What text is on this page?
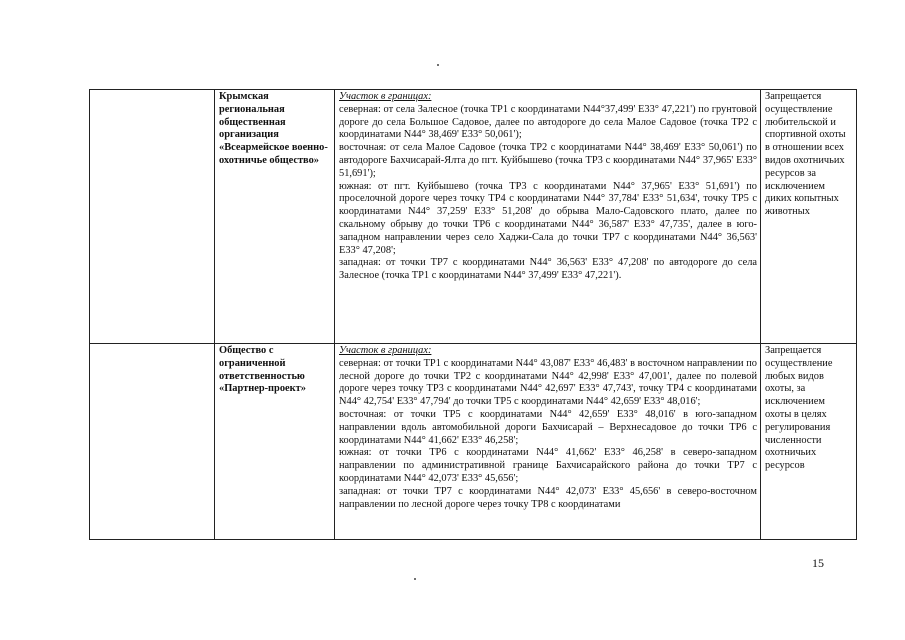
	Крымская региональная общественная организация «Всеармейское военно-охотничье общество»	Участок в границах:
северная: от села Залесное (точка ТР1 с координатами N44°37,499' Е33° 47,221') по грунтовой дороге до села Большое Садовое, далее по автодороге до села Малое Садовое (точка ТР2 с координатами N44° 38,469' Е33° 50,061');
восточная: от села Малое Садовое (точка ТР2 с координатами N44° 38,469' Е33° 50,061') по автодороге Бахчисарай-Ялта до пгт. Куйбышево (точка ТР3 с координатами N44° 37,965' Е33° 51,691');
южная: от пгт. Куйбышево (точка ТР3 с координатами N44° 37,965' Е33° 51,691') по проселочной дороге через точку ТР4 с координатами N44° 37,784' Е33° 51,634', точку ТР5 с координатами N44° 37,259' Е33° 51,208' до обрыва Мало-Садовского плато, далее по скальному обрыву до точки ТР6 с координатами N44° 36,587' Е33° 47,735', далее в юго-западном направлении через село Хаджи-Сала до точки ТР7 с координатами N44° 36,563' Е33° 47,208';
западная: от точки ТР7 с координатами N44° 36,563' Е33° 47,208' по автодороге до села Залесное (точка ТР1 с координатами N44° 37,499' Е33° 47,221').	Запрещается осуществление любительской и спортивной охоты в отношении всех видов охотничьих ресурсов за исключением диких копытных животных
	Общество с ограниченной ответственностью «Партнер-проект»	Участок в границах:
северная: от точки ТР1 с координатами N44° 43,087' Е33° 46,483' в восточном направлении по лесной дороге до точки ТР2 с координатами N44° 42,998' Е33° 47,001', далее по полевой дороге через точку ТР3 с координатами N44° 42,697' Е33° 47,743', точку ТР4 с координатами N44° 42,754' Е33° 47,794' до точки ТР5 с координатами N44° 42,659' Е33° 48,016';
восточная: от точки ТР5 с координатами N44° 42,659' Е33° 48,016' в юго-западном направлении вдоль автомобильной дороги Бахчисарай – Верхнесадовое до точки ТР6 с координатами N44° 41,662' Е33° 46,258';
южная: от точки ТР6 с координатами N44° 41,662' Е33° 46,258' в северо-западном направлении по административной границе Бахчисарайского района до точки ТР7 с координатами N44° 42,073' Е33° 45,656';
западная: от точки ТР7 с координатами N44° 42,073' Е33° 45,656' в северо-восточном направлении по лесной дороге через точку ТР8 с координатами	Запрещается осуществление любых видов охоты, за исключением охоты в целях регулирования численности охотничьих ресурсов
15
